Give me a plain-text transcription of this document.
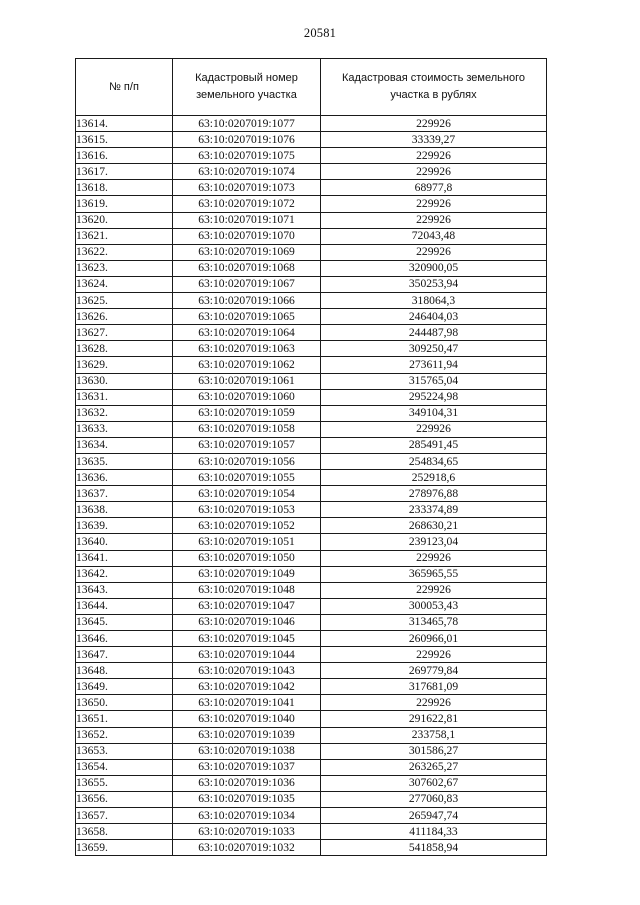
20581
№ п/п	Кадастровый номер земельного участка	Кадастровая стоимость земельного участка в рублях
13614.	63:10:0207019:1077	229926
13615.	63:10:0207019:1076	33339,27
13616.	63:10:0207019:1075	229926
13617.	63:10:0207019:1074	229926
13618.	63:10:0207019:1073	68977,8
13619.	63:10:0207019:1072	229926
13620.	63:10:0207019:1071	229926
13621.	63:10:0207019:1070	72043,48
13622.	63:10:0207019:1069	229926
13623.	63:10:0207019:1068	320900,05
13624.	63:10:0207019:1067	350253,94
13625.	63:10:0207019:1066	318064,3
13626.	63:10:0207019:1065	246404,03
13627.	63:10:0207019:1064	244487,98
13628.	63:10:0207019:1063	309250,47
13629.	63:10:0207019:1062	273611,94
13630.	63:10:0207019:1061	315765,04
13631.	63:10:0207019:1060	295224,98
13632.	63:10:0207019:1059	349104,31
13633.	63:10:0207019:1058	229926
13634.	63:10:0207019:1057	285491,45
13635.	63:10:0207019:1056	254834,65
13636.	63:10:0207019:1055	252918,6
13637.	63:10:0207019:1054	278976,88
13638.	63:10:0207019:1053	233374,89
13639.	63:10:0207019:1052	268630,21
13640.	63:10:0207019:1051	239123,04
13641.	63:10:0207019:1050	229926
13642.	63:10:0207019:1049	365965,55
13643.	63:10:0207019:1048	229926
13644.	63:10:0207019:1047	300053,43
13645.	63:10:0207019:1046	313465,78
13646.	63:10:0207019:1045	260966,01
13647.	63:10:0207019:1044	229926
13648.	63:10:0207019:1043	269779,84
13649.	63:10:0207019:1042	317681,09
13650.	63:10:0207019:1041	229926
13651.	63:10:0207019:1040	291622,81
13652.	63:10:0207019:1039	233758,1
13653.	63:10:0207019:1038	301586,27
13654.	63:10:0207019:1037	263265,27
13655.	63:10:0207019:1036	307602,67
13656.	63:10:0207019:1035	277060,83
13657.	63:10:0207019:1034	265947,74
13658.	63:10:0207019:1033	411184,33
13659.	63:10:0207019:1032	541858,94
